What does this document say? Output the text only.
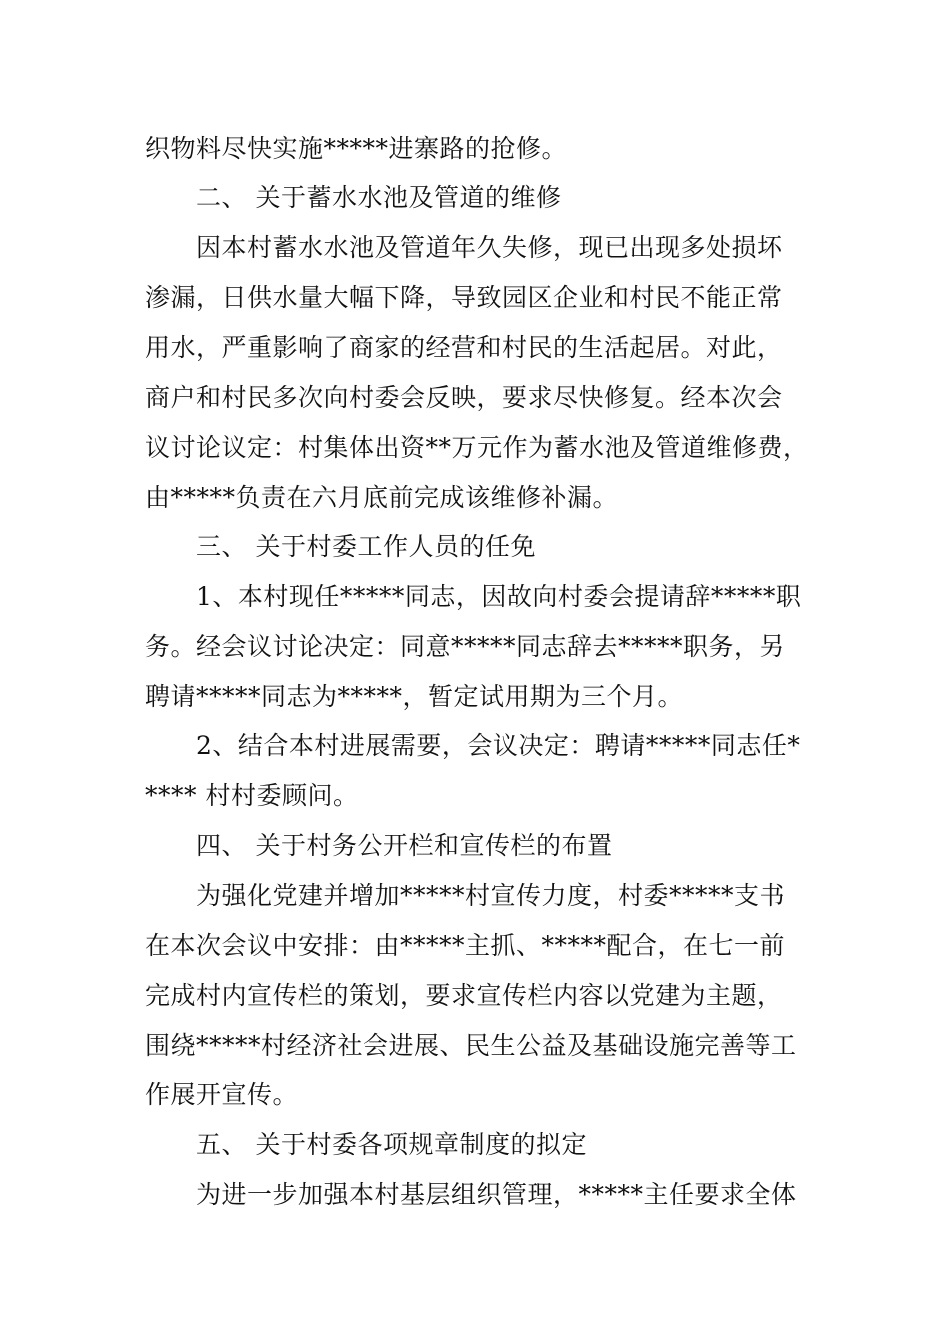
织物料尽快实施*****进寨路的抢修。
二、 关于蓄水水池及管道的维修
因本村蓄水水池及管道年久失修，现已出现多处损坏
渗漏，日供水量大幅下降，导致园区企业和村民不能正常
用水，严重影响了商家的经营和村民的生活起居。对此，
商户和村民多次向村委会反映，要求尽快修复。经本次会
议讨论议定：村集体出资**万元作为蓄水池及管道维修费，
由*****负责在六月底前完成该维修补漏。
三、 关于村委工作人员的任免
1、本村现任*****同志，因故向村委会提请辞*****职
务。经会议讨论决定：同意*****同志辞去*****职务，另
聘请*****同志为*****，暂定试用期为三个月。
2、结合本村进展需要，会议决定：聘请*****同志任*
**** 村村委顾问。
四、 关于村务公开栏和宣传栏的布置
为强化党建并增加*****村宣传力度，村委*****支书
在本次会议中安排：由*****主抓、*****配合，在七一前
完成村内宣传栏的策划，要求宣传栏内容以党建为主题，
围绕*****村经济社会进展、民生公益及基础设施完善等工
作展开宣传。
五、 关于村委各项规章制度的拟定
为进一步加强本村基层组织管理，*****主任要求全体
